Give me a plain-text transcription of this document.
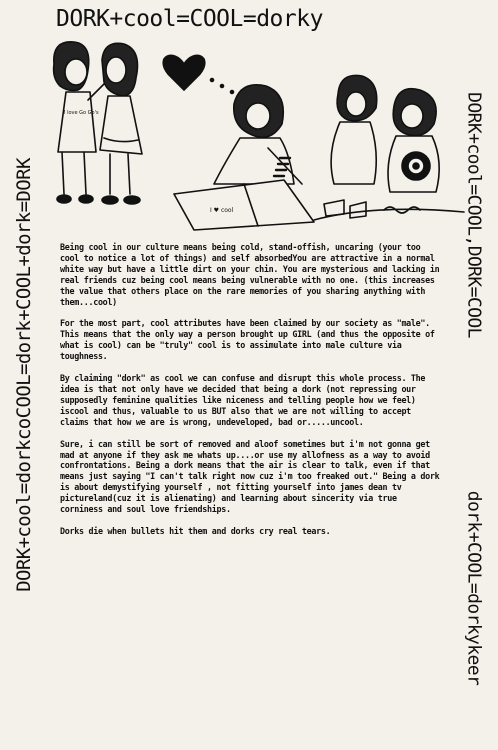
DORK+cool=COOL=dorky
DORK+cool=dorkcoCOOL=dork+COOL+dork=DORK	DORK+cool=COOL,DORK=COOL
dork+COOL=dorkykeer
I love Go Go's
I ♥ cool

Being cool in our culture means being cold, stand-offish, uncaring (your too cool to notice a lot of things) and self absorbedYou are attractive in a normal white way but have a little dirt on your chin. You are mysterious and lacking in real friends cuz being cool means being vulnerable with no one. (this increases the value that others place on the rare memories of you sharing anything with them...cool)

For the most part, cool attributes have been claimed by our society as "male". This means that the only way a person brought up GIRL (and thus the opposite of what is cool) can be "truly" cool is to assimulate into male culture via toughness.

By claiming "dork" as cool we can confuse and disrupt this whole process. The idea is that not only have we decided that being a dork (not repressing our supposedly feminine qualities like niceness and telling people how we feel) iscool and thus, valuable to us BUT also that we are not willing to accept claims that how we are is wrong, undeveloped, bad or.....uncool.

Sure, i can still be sort of removed and aloof sometimes but i'm not gonna get mad at anyone if they ask me whats up....or use my allofness as a way to avoid confrontations. Being a dork means that the air is clear to talk, even if that means just saying "I can't talk right now cuz i'm too freaked out." Being a dork is about demystifying yourself , not fitting yourself into james dean tv pictureland(cuz it is alienating) and learning about sincerity via true corniness and soul love friendships.

Dorks die when bullets hit them and dorks cry real tears.
